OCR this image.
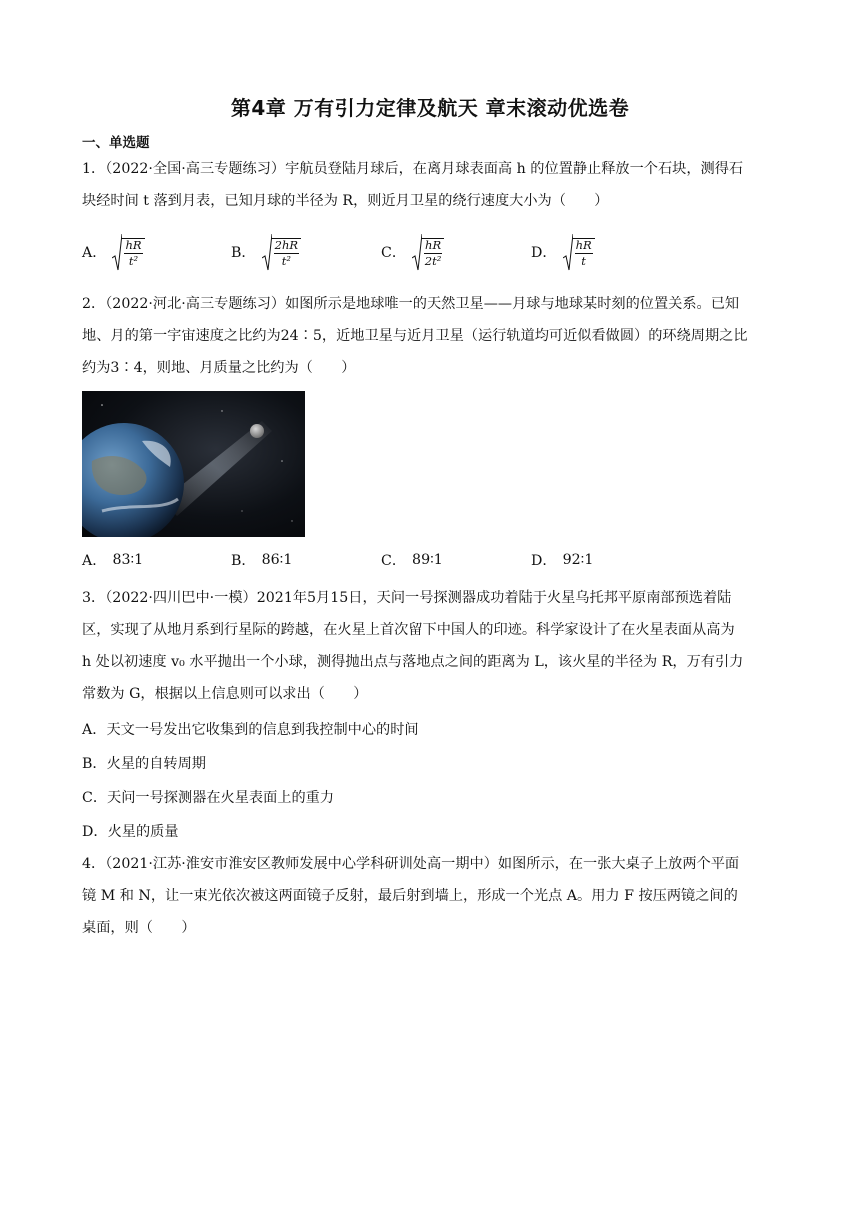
第4章 万有引力定律及航天 章末滚动优选卷
一、单选题
1．（2022·全国·高三专题练习）宇航员登陆月球后，在离月球表面高 h 的位置静止释放一个石块，测得石
块经时间 t 落到月表，已知月球的半径为 R，则近月卫星的绕行速度大小为（　　）
A． $\frac{hR}{\text{t²}}$	B． $\frac{2hR}{\text{t²}}$	C． $\frac{hR}{\text{2t²}}$	D． $\frac{hR}{t}$
2．（2022·河北·高三专题练习）如图所示是地球唯一的天然卫星——月球与地球某时刻的位置关系。已知
地、月的第一宇宙速度之比约为24∶5，近地卫星与近月卫星（运行轨道均可近似看做圆）的环绕周期之比
约为3∶4，则地、月质量之比约为（　　）
A． 83∶1	B． 86∶1	C． 89∶1	D． 92∶1
3．（2022·四川巴中·一模）2021年5月15日，天问一号探测器成功着陆于火星乌托邦平原南部预选着陆
区，实现了从地月系到行星际的跨越，在火星上首次留下中国人的印迹。科学家设计了在火星表面从高为
h 处以初速度 v₀ 水平抛出一个小球，测得抛出点与落地点之间的距离为 L，该火星的半径为 R，万有引力
常数为 G，根据以上信息则可以求出（　　）
A．天文一号发出它收集到的信息到我控制中心的时间
B．火星的自转周期
C．天问一号探测器在火星表面上的重力
D．火星的质量
4．（2021·江苏·淮安市淮安区教师发展中心学科研训处高一期中）如图所示，在一张大桌子上放两个平面
镜 M 和 N，让一束光依次被这两面镜子反射，最后射到墙上，形成一个光点 A。用力 F 按压两镜之间的
桌面，则（　　）
